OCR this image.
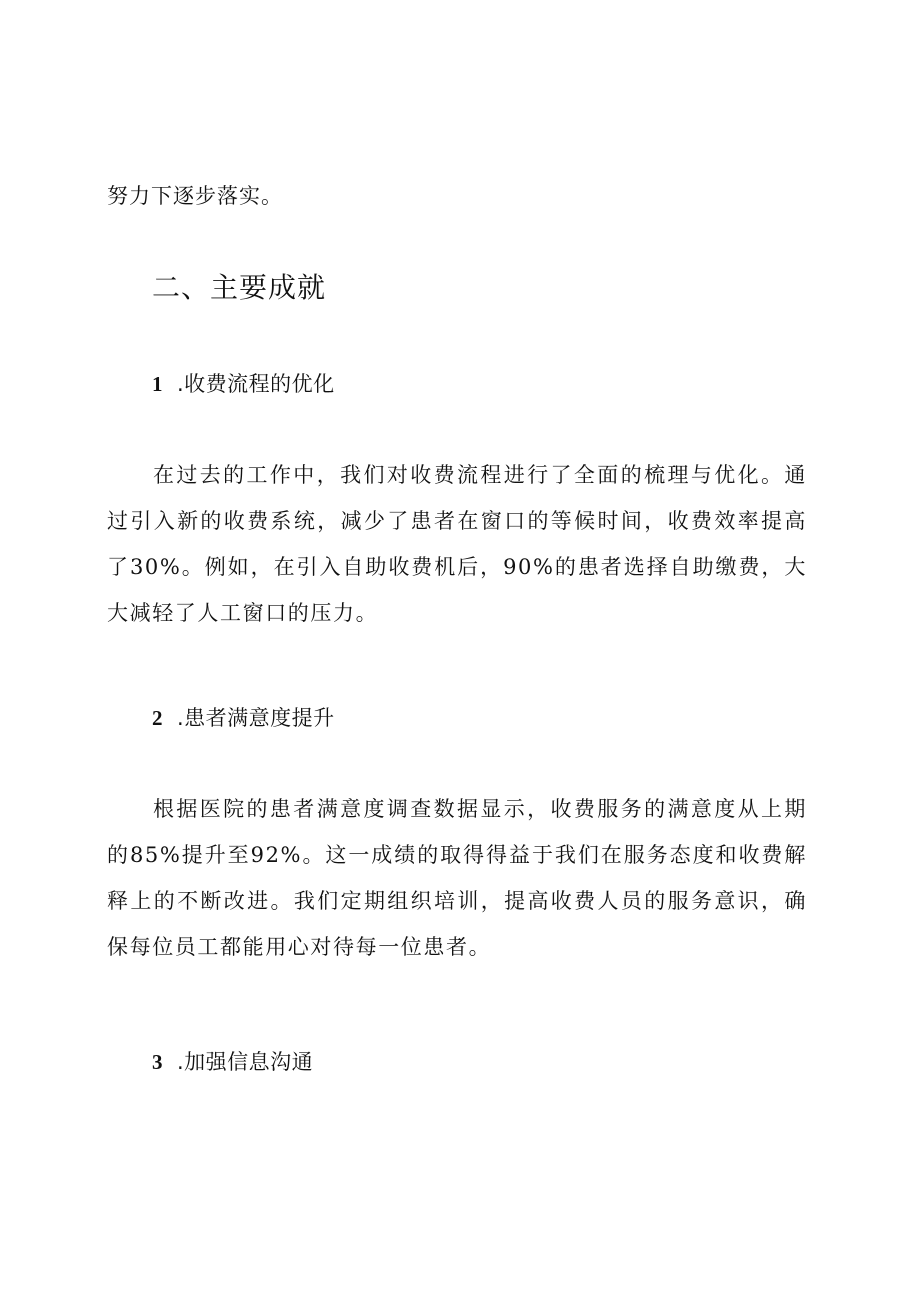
努力下逐步落实。
二、主要成就
1 .收费流程的优化

在过去的工作中，我们对收费流程进行了全面的梳理与优化。通过引入新的收费系统，减少了患者在窗口的等候时间，收费效率提高了30%。例如，在引入自助收费机后，90%的患者选择自助缴费，大大减轻了人工窗口的压力。

2 .患者满意度提升

根据医院的患者满意度调查数据显示，收费服务的满意度从上期的85%提升至92%。这一成绩的取得得益于我们在服务态度和收费解释上的不断改进。我们定期组织培训，提高收费人员的服务意识，确保每位员工都能用心对待每一位患者。

3 .加强信息沟通
